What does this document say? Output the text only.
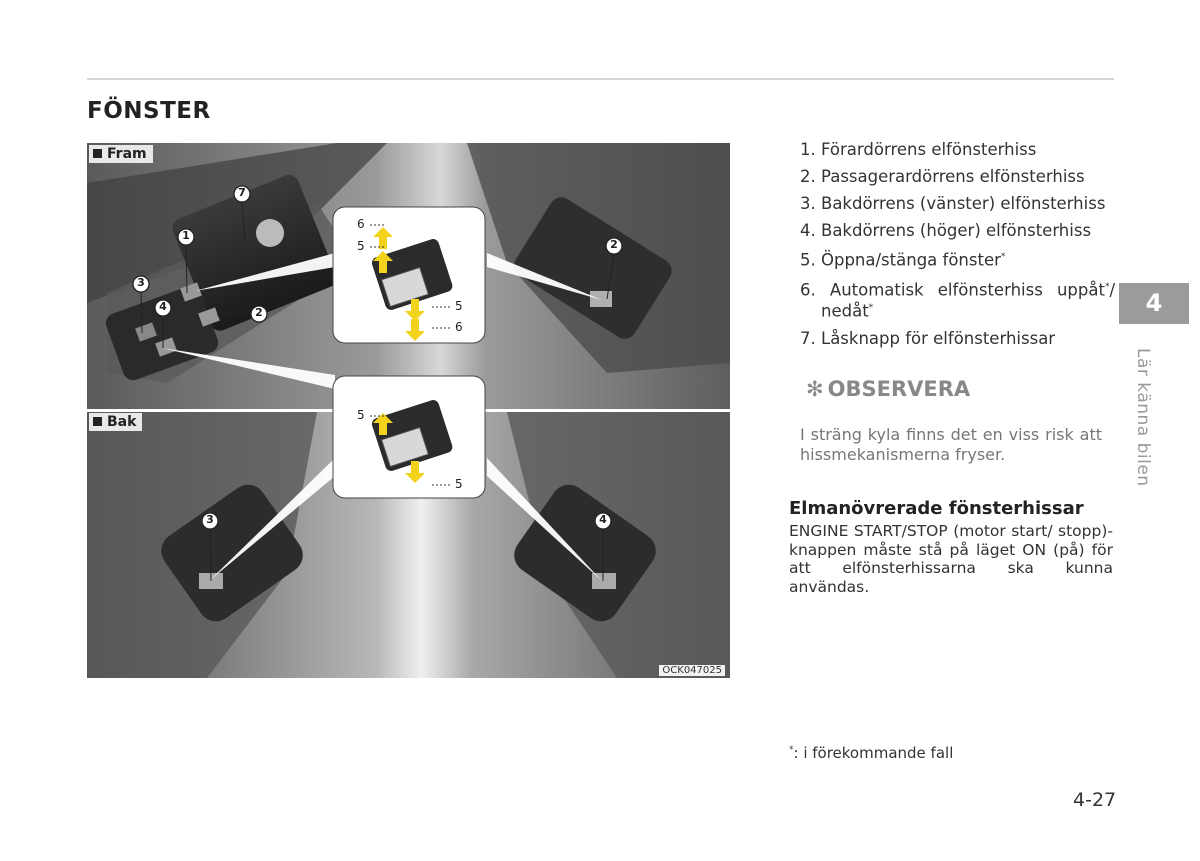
FÖNSTER
Fram
Bak
7
1
2
3
4
2
3	4
6
5
5
6
5
5
OCK047025
1. Förardörrens elfönsterhiss
2. Passagerardörrens elfönsterhiss
3. Bakdörrens (vänster) elfönsterhiss
4. Bakdörrens (höger) elfönsterhiss
5. Öppna/stänga fönster*
6. Automatisk elfönsterhiss uppåt*/ nedåt*
7. Låsknapp för elfönsterhissar
✻ OBSERVERA
I sträng kyla finns det en viss risk att hissmekanismerna fryser.
Elmanövrerade fönsterhissar
ENGINE START/STOP (motor start/ stopp)-knappen måste stå på läget ON (på) för att elfönsterhissarna ska kunna användas.
*: i förekommande fall
4-27
4
Lär känna bilen
